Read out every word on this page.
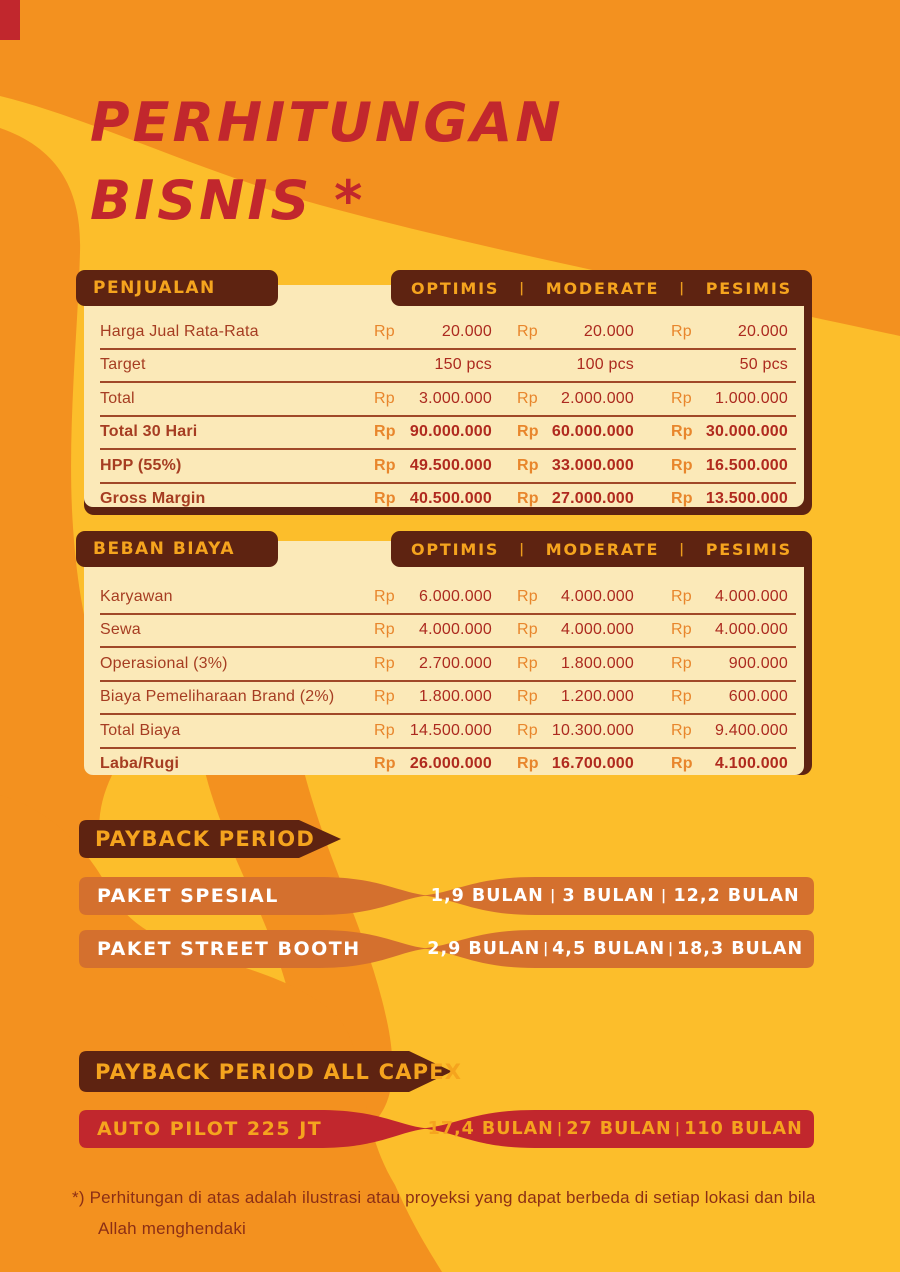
PERHITUNGAN
BISNIS *
PENJUALAN	OPTIMIS | MODERATE | PESIMIS
Harga Jual Rata-Rata	Rp	20.000 Rp	20.000 Rp	20.000
Target	150 pcs	100 pcs	50 pcs
Total	Rp 3.000.000 Rp 2.000.000 Rp 1.000.000
Total 30 Hari	Rp 90.000.000 Rp 60.000.000 Rp 30.000.000
HPP (55%)	Rp 49.500.000 Rp 33.000.000 Rp 16.500.000
Gross Margin	Rp 40.500.000 Rp 27.000.000 Rp 13.500.000
BEBAN BIAYA	OPTIMIS | MODERATE | PESIMIS
Karyawan	Rp 6.000.000 Rp 4.000.000 Rp 4.000.000
Sewa	Rp 4.000.000 Rp 4.000.000 Rp 4.000.000
Operasional (3%)	Rp 2.700.000 Rp 1.800.000 Rp 900.000
Biaya Pemeliharaan Brand (2%)	Rp 1.800.000 Rp 1.200.000 Rp 600.000
Total Biaya	Rp 14.500.000 Rp 10.300.000 Rp 9.400.000
Laba/Rugi	Rp 26.000.000 Rp 16.700.000 Rp 4.100.000
PAYBACK PERIOD
PAKET SPESIAL	1,9 BULAN | 3 BULAN | 12,2 BULAN
PAKET STREET BOOTH	2,9 BULAN | 4,5 BULAN | 18,3 BULAN
PAYBACK PERIOD ALL CAPEX
AUTO PILOT 225 JT	17,4 BULAN | 27 BULAN | 110 BULAN
*) Perhitungan di atas adalah ilustrasi atau proyeksi yang dapat berbeda di setiap lokasi dan bila
Allah menghendaki
